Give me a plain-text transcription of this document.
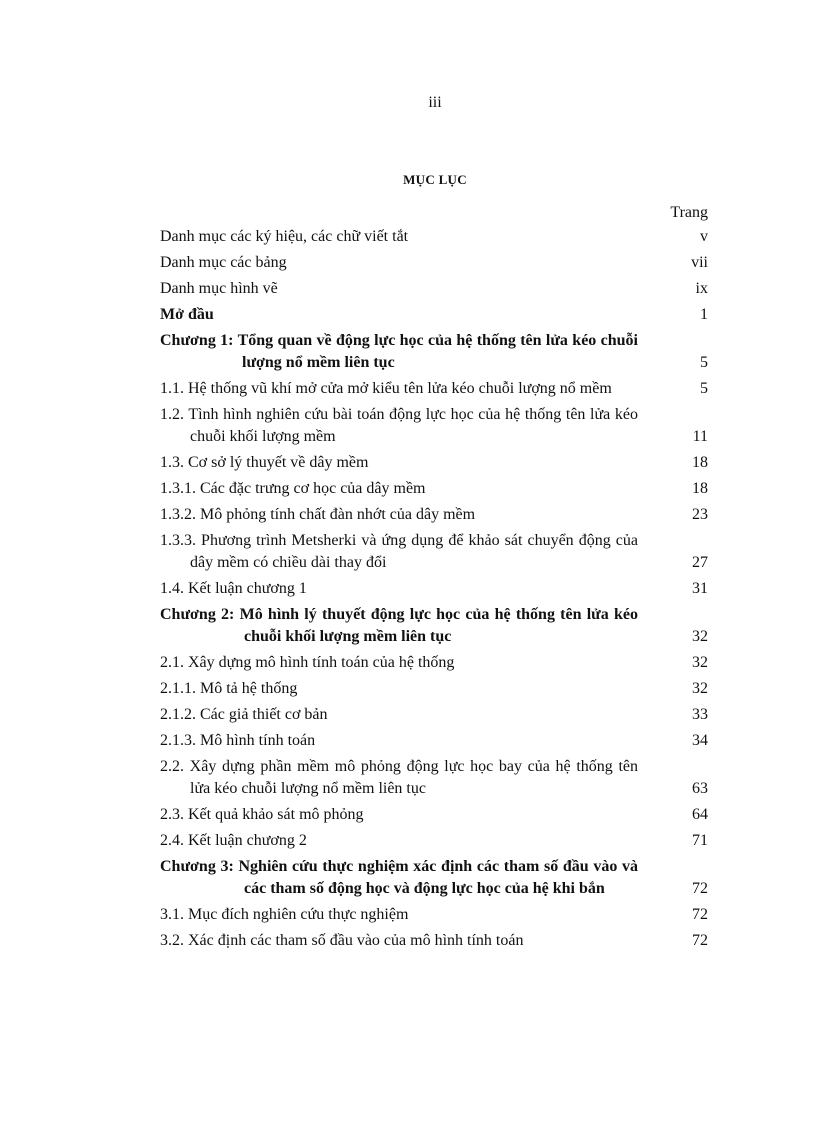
iii
MỤC LỤC
Trang
Danh mục các ký hiệu, các chữ viết tắt	v
Danh mục các bảng	vii
Danh mục hình vẽ	ix
Mở đầu	1
Chương 1: Tổng quan về động lực học của hệ thống tên lửa kéo chuỗi lượng nổ mềm liên tục	5
1.1. Hệ thống vũ khí mở cửa mở kiểu tên lửa kéo chuỗi lượng nổ mềm	5
1.2. Tình hình nghiên cứu bài toán động lực học của hệ thống tên lửa kéo chuỗi khối lượng mềm	11
1.3. Cơ sở lý thuyết về dây mềm	18
1.3.1. Các đặc trưng cơ học của dây mềm	18
1.3.2. Mô phỏng tính chất đàn nhớt của dây mềm	23
1.3.3. Phương trình Metsherki và ứng dụng để khảo sát chuyển động của dây mềm có chiều dài thay đổi	27
1.4. Kết luận chương 1	31
Chương 2: Mô hình lý thuyết động lực học của hệ thống tên lửa kéo chuỗi khối lượng mềm liên tục	32
2.1. Xây dựng mô hình tính toán của hệ thống	32
2.1.1. Mô tả hệ thống	32
2.1.2. Các giả thiết cơ bản	33
2.1.3. Mô hình tính toán	34
2.2. Xây dựng phần mềm mô phỏng động lực học bay của hệ thống tên lửa kéo chuỗi lượng nổ mềm liên tục	63
2.3. Kết quả khảo sát mô phỏng	64
2.4. Kết luận chương 2	71
Chương 3: Nghiên cứu thực nghiệm xác định các tham số đầu vào và các tham số động học và động lực học của hệ khi bắn	72
3.1. Mục đích nghiên cứu thực nghiệm	72
3.2. Xác định các tham số đầu vào của mô hình tính toán	72
